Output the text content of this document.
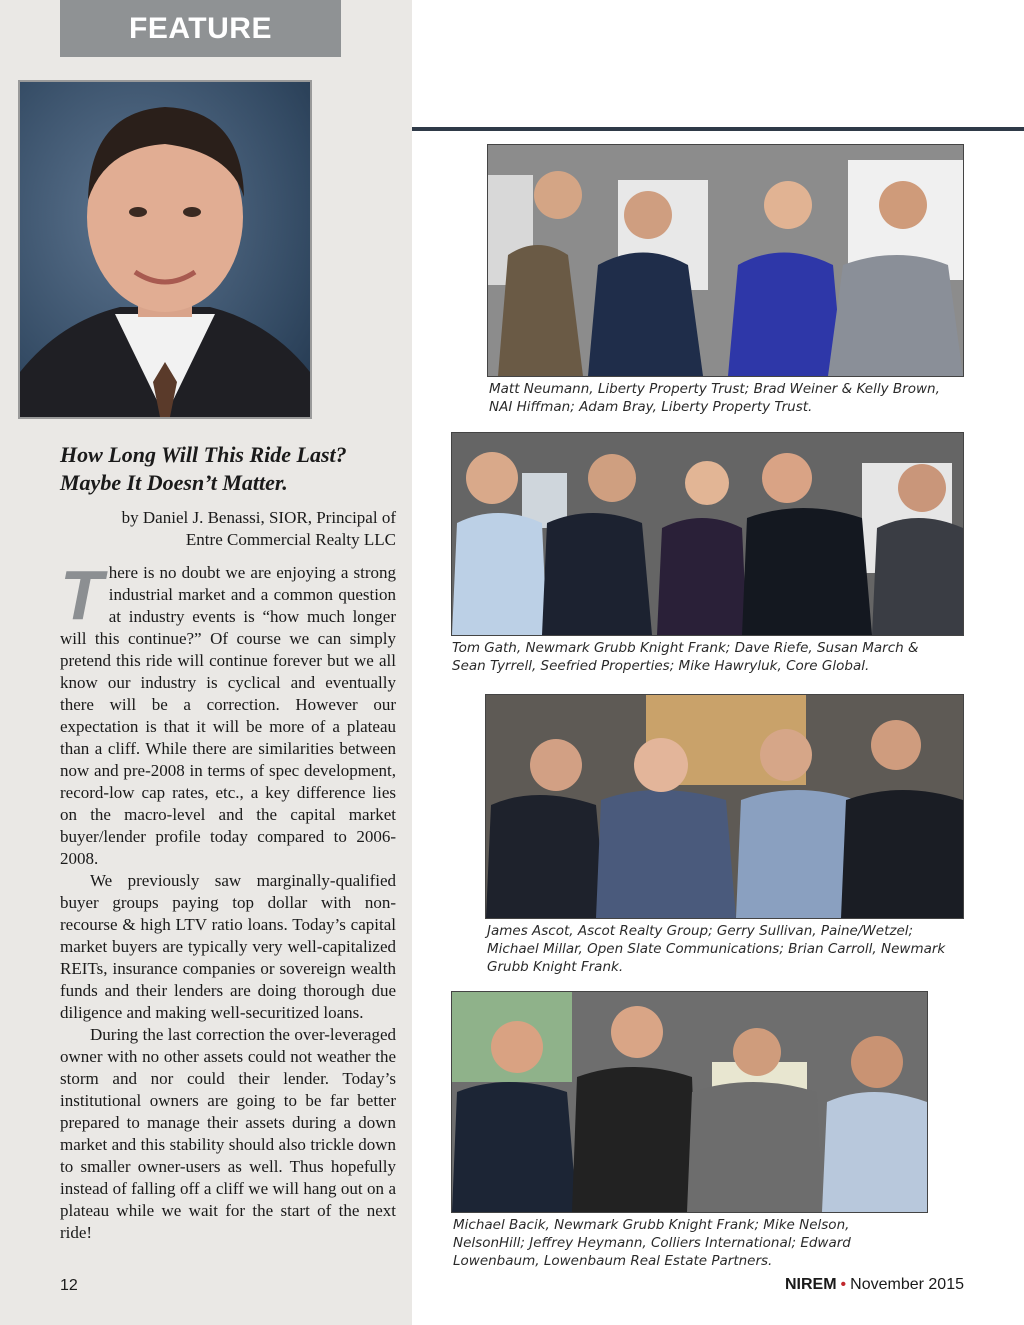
FEATURE
How Long Will This Ride Last?
Maybe It Doesn’t Matter.
by Daniel J. Benassi, SIOR, Principal of
Entre Commercial Realty LLC

There is no doubt we are enjoying a strong industrial market and a common question at industry events is “how much longer will this continue?” Of course we can simply pretend this ride will continue forever but we all know our industry is cyclical and eventually there will be a correction. However our expectation is that it will be more of a plateau than a cliff. While there are similarities between now and pre-2008 in terms of spec development, record-low cap rates, etc., a key difference lies on the macro-level and the capital market buyer/lender profile today compared to 2006-2008.

We previously saw marginally-qualified buyer groups paying top dollar with non-recourse & high LTV ratio loans. Today’s capital market buyers are typically very well-capitalized REITs, insurance companies or sovereign wealth funds and their lenders are doing thorough due diligence and making well-securitized loans.

During the last correction the over-leveraged owner with no other assets could not weather the storm and nor could their lender. Today’s institutional owners are going to be far better prepared to manage their assets during a down market and this stability should also trickle down to smaller owner-users as well. Thus hopefully instead of falling off a cliff we will hang out on a plateau while we wait for the start of the next ride!

12
Matt Neumann, Liberty Property Trust; Brad Weiner & Kelly Brown,
NAI Hiffman; Adam Bray, Liberty Property Trust.
Tom Gath, Newmark Grubb Knight Frank; Dave Riefe, Susan March &
Sean Tyrrell, Seefried Properties; Mike Hawryluk, Core Global.
James Ascot, Ascot Realty Group; Gerry Sullivan, Paine/Wetzel;
Michael Millar, Open Slate Communications; Brian Carroll, Newmark
Grubb Knight Frank.
Michael Bacik, Newmark Grubb Knight Frank; Mike Nelson,
NelsonHill; Jeffrey Heymann, Colliers International; Edward
Lowenbaum, Lowenbaum Real Estate Partners.
NIREM • November 2015
